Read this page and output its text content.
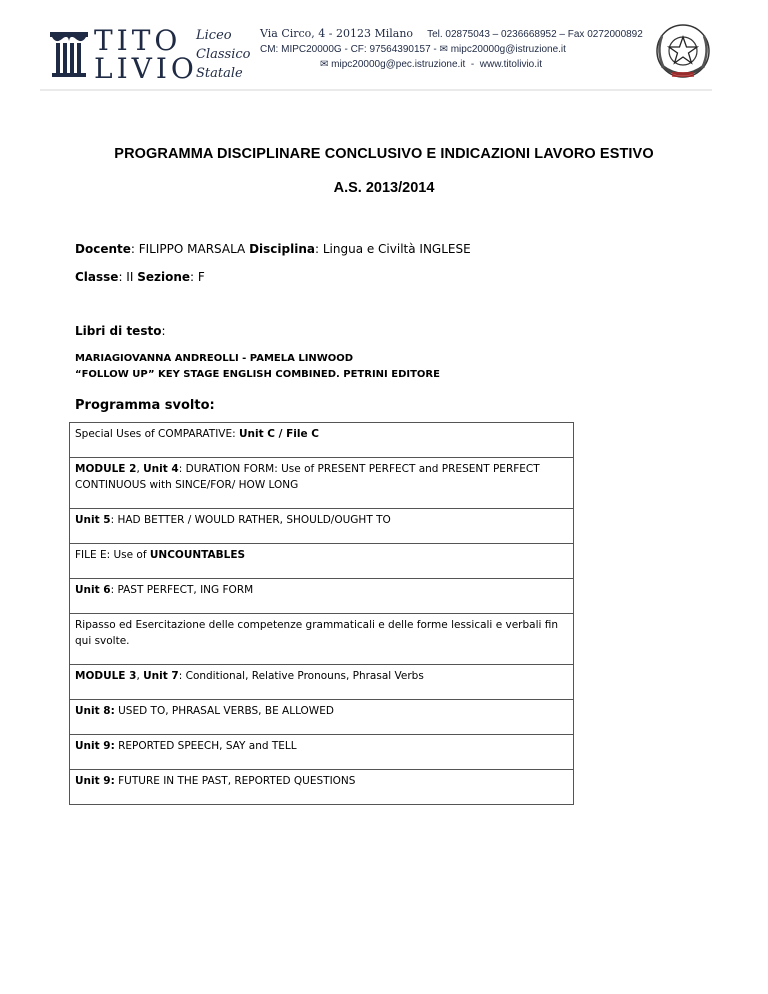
TITO
LIVIO
Liceo
Classico
Statale
Via Circo, 4 - 20123 Milano Tel. 02875043 – 0236668952 – Fax 0272000892
CM: MIPC20000G - CF: 97564390157 - ✉ mipc20000g@istruzione.it
✉ mipc20000g@pec.istruzione.it - www.titolivio.it
PROGRAMMA DISCIPLINARE CONCLUSIVO E INDICAZIONI LAVORO ESTIVO
A.S. 2013/2014
Docente: FILIPPO MARSALA Disciplina: Lingua e Civiltà INGLESE
Classe: II Sezione: F
Libri di testo:
MARIAGIOVANNA ANDREOLLI - PAMELA LINWOOD
“FOLLOW UP” KEY STAGE ENGLISH COMBINED. PETRINI EDITORE
Programma svolto:
Special Uses of COMPARATIVE: Unit C / File C
MODULE 2, Unit 4: DURATION FORM: Use of PRESENT PERFECT and PRESENT PERFECT CONTINUOUS with SINCE/FOR/ HOW LONG
Unit 5: HAD BETTER / WOULD RATHER, SHOULD/OUGHT TO
FILE E: Use of UNCOUNTABLES
Unit 6: PAST PERFECT, ING FORM
Ripasso ed Esercitazione delle competenze grammaticali e delle forme lessicali e verbali fin qui svolte.
MODULE 3, Unit 7: Conditional, Relative Pronouns, Phrasal Verbs
Unit 8: USED TO, PHRASAL VERBS, BE ALLOWED
Unit 9: REPORTED SPEECH, SAY and TELL
Unit 9: FUTURE IN THE PAST, REPORTED QUESTIONS
